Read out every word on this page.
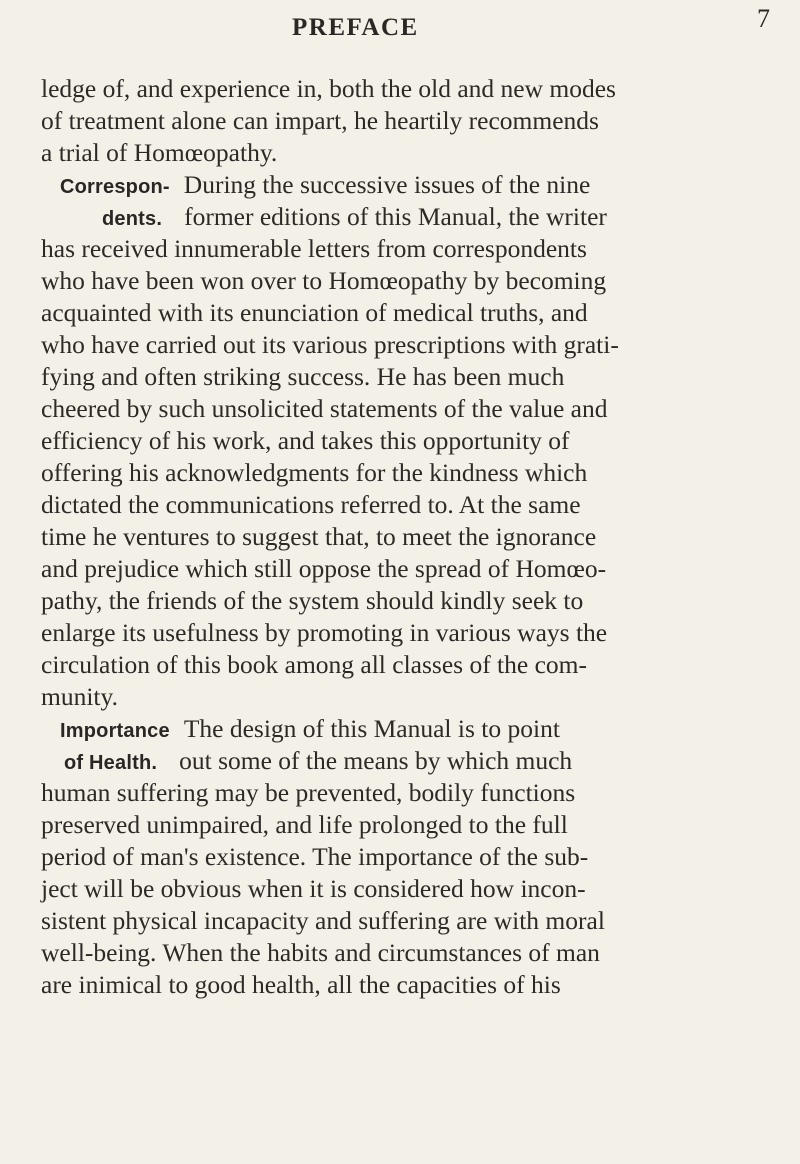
PREFACE	7
ledge of, and experience in, both the old and new modes
of treatment alone can impart, he heartily recommends
a trial of Homœopathy.
Correspon- During the successive issues of the nine
dents. former editions of this Manual, the writer
has received innumerable letters from correspondents
who have been won over to Homœopathy by becoming
acquainted with its enunciation of medical truths, and
who have carried out its various prescriptions with grati-
fying and often striking success. He has been much
cheered by such unsolicited statements of the value and
efficiency of his work, and takes this opportunity of
offering his acknowledgments for the kindness which
dictated the communications referred to. At the same
time he ventures to suggest that, to meet the ignorance
and prejudice which still oppose the spread of Homœo-
pathy, the friends of the system should kindly seek to
enlarge its usefulness by promoting in various ways the
circulation of this book among all classes of the com-
munity.
Importance The design of this Manual is to point
of Health. out some of the means by which much
human suffering may be prevented, bodily functions
preserved unimpaired, and life prolonged to the full
period of man's existence. The importance of the sub-
ject will be obvious when it is considered how incon-
sistent physical incapacity and suffering are with moral
well-being. When the habits and circumstances of man
are inimical to good health, all the capacities of his
